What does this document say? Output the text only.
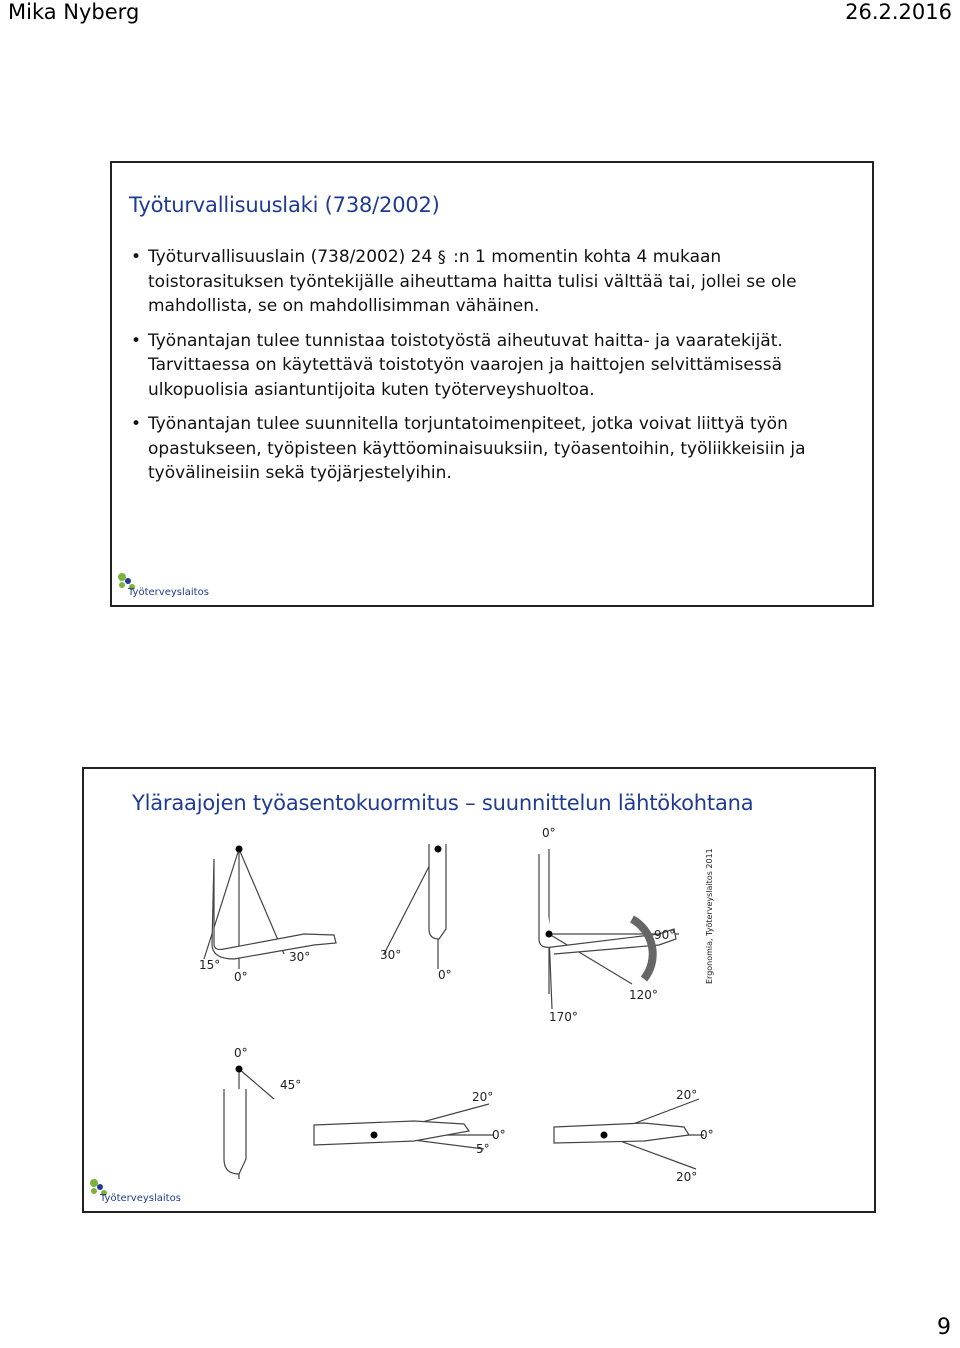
Mika Nyberg	26.2.2016
Työturvallisuuslaki (738/2002)
• Työturvallisuuslain (738/2002) 24 § :n 1 momentin kohta 4 mukaan toistorasituksen työntekijälle aiheuttama haitta tulisi välttää tai, jollei se ole mahdollista, se on mahdollisimman vähäinen.
• Työnantajan tulee tunnistaa toistotyöstä aiheutuvat haitta- ja vaaratekijät. Tarvittaessa on käytettävä toistotyön vaarojen ja haittojen selvittämisessä ulkopuolisia asiantuntijoita kuten työterveyshuoltoa.
• Työnantajan tulee suunnitella torjuntatoimenpiteet, jotka voivat liittyä työn opastukseen, työpisteen käyttöominaisuuksiin, työasentoihin, työliikkeisiin ja työvälineisiin sekä työjärjestelyihin.
Työterveyslaitos
Yläraajojen työasentokuormitus – suunnittelun lähtökohtana
30°
15°
0°
30°
0°
0°
90°
120°
170°
0°
45°
20°
0°
5°
20°
0°
20°
Ergonomia, Työterveyslaitos 2011
Työterveyslaitos
9
